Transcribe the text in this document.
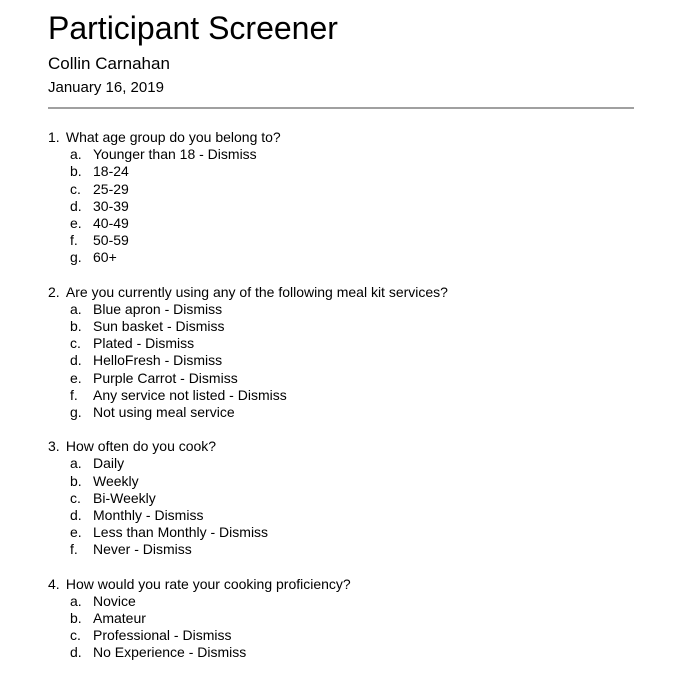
Participant Screener
Collin Carnahan
January 16, 2019
1.
What age group do you belong to?
a. Younger than 18 - Dismiss
b. 18-24
c. 25-29
d. 30-39
e. 40-49
f.	50-59
g. 60+
2.
Are you currently using any of the following meal kit services?
a. Blue apron - Dismiss
b. Sun basket - Dismiss
c. Plated - Dismiss
d. HelloFresh - Dismiss
e. Purple Carrot - Dismiss
f.	Any service not listed - Dismiss
g. Not using meal service
3.
How often do you cook?
a. Daily
b. Weekly
c. Bi-Weekly
d. Monthly - Dismiss
e. Less than Monthly - Dismiss
f.	Never - Dismiss
4.
How would you rate your cooking proficiency?
a. Novice
b. Amateur
c. Professional - Dismiss
d. No Experience - Dismiss
